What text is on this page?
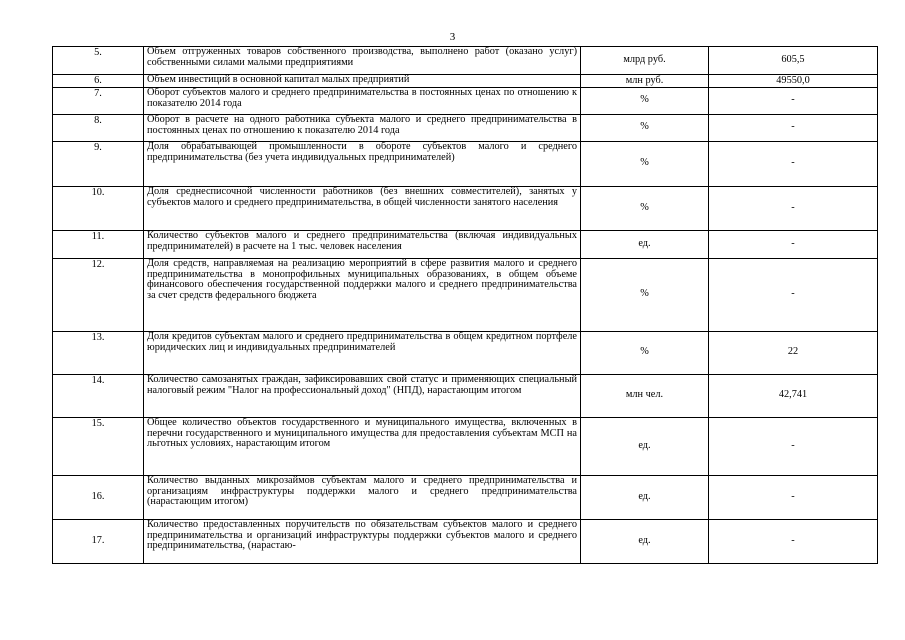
3
5.	Объем отгруженных товаров собственного производства, выполнено работ (оказано услуг) собственными силами малыми предприятиями	млрд руб.	605,5
6.	Объем инвестиций в основной капитал малых предприятий	млн руб.	49550,0
7.	Оборот субъектов малого и среднего предпринимательства в постоянных ценах по отношению к показателю 2014 года	%	-
8.	Оборот в расчете на одного работника субъекта малого и среднего предпринимательства в постоянных ценах по отношению к показателю 2014 года	%	-
9.	Доля обрабатывающей промышленности в обороте субъектов малого и среднего предпринимательства (без учета индивидуальных предпринимателей)	%	-
10.	Доля среднесписочной численности работников (без внешних совместителей), занятых у субъектов малого и среднего предпринимательства, в общей численности занятого населения	%	-
11.	Количество субъектов малого и среднего предпринимательства (включая индивидуальных предпринимателей) в расчете на 1 тыс. человек населения	ед.	-
12.	Доля средств, направляемая на реализацию мероприятий в сфере развития малого и среднего предпринимательства в монопрофильных муниципальных образованиях, в общем объеме финансового обеспечения государственной поддержки малого и среднего предпринимательства за счет средств федерального бюджета	%	-
13.	Доля кредитов субъектам малого и среднего предпринимательства в общем кредитном портфеле юридических лиц и индивидуальных предпринимателей	%	22
14.	Количество самозанятых граждан, зафиксировавших свой статус и применяющих специальный налоговый режим "Налог на профессиональный доход" (НПД), нарастающим итогом	млн чел.	42,741
15.	Общее количество объектов государственного и муниципального имущества, включенных в перечни государственного и муниципального имущества для предоставления субъектам МСП на льготных условиях, нарастающим итогом	ед.	-
16.	Количество выданных микрозаймов субъектам малого и среднего предпринимательства и организациям инфраструктуры поддержки малого и среднего предпринимательства (нарастающим итогом)	ед.	-
17.	Количество предоставленных поручительств по обязательствам субъектов малого и среднего предпринимательства и организаций инфраструктуры поддержки субъектов малого и среднего предпринимательства, (нарастаю-	ед.	-
